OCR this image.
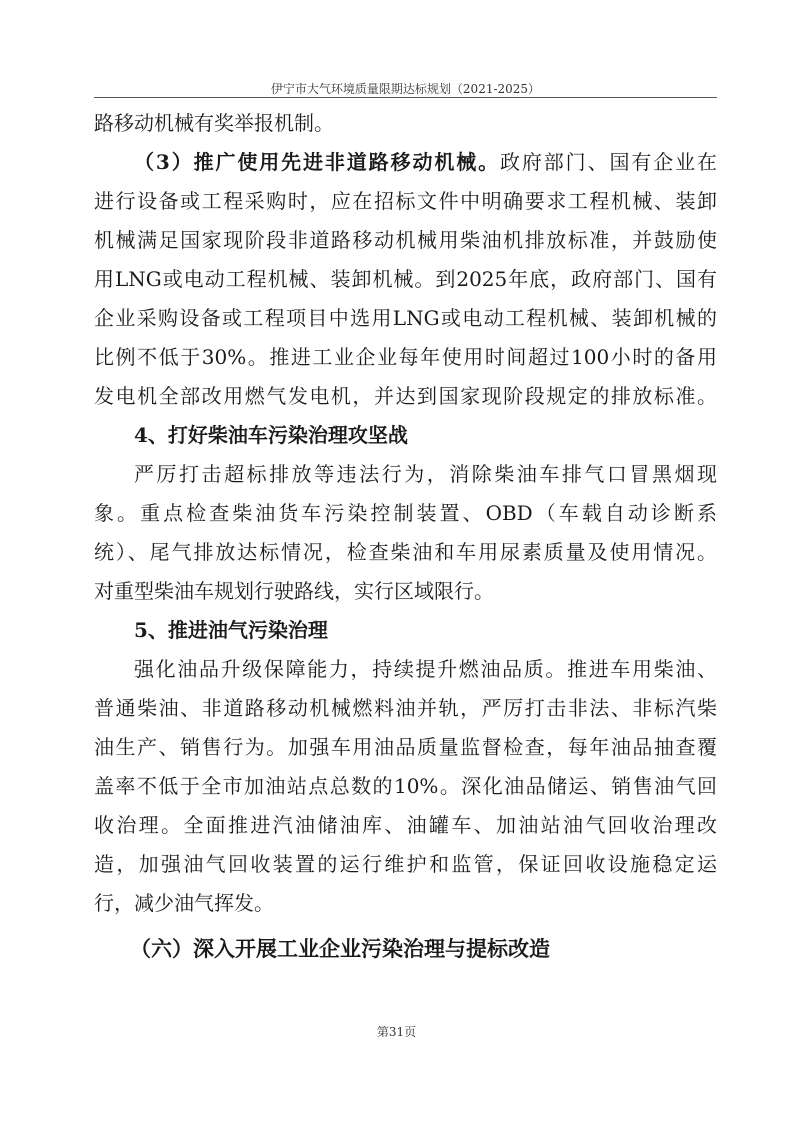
伊宁市大气环境质量限期达标规划（2021-2025）
路移动机械有奖举报机制。
（3）推广使用先进非道路移动机械。政府部门、国有企业在
进行设备或工程采购时，应在招标文件中明确要求工程机械、装卸
机械满足国家现阶段非道路移动机械用柴油机排放标准，并鼓励使
用LNG或电动工程机械、装卸机械。到2025年底，政府部门、国有
企业采购设备或工程项目中选用LNG或电动工程机械、装卸机械的
比例不低于30%。推进工业企业每年使用时间超过100小时的备用
发电机全部改用燃气发电机，并达到国家现阶段规定的排放标准。
4、打好柴油车污染治理攻坚战
严厉打击超标排放等违法行为，消除柴油车排气口冒黑烟现
象。重点检查柴油货车污染控制装置、OBD（车载自动诊断系
统）、尾气排放达标情况，检查柴油和车用尿素质量及使用情况。
对重型柴油车规划行驶路线，实行区域限行。
5、推进油气污染治理
强化油品升级保障能力，持续提升燃油品质。推进车用柴油、
普通柴油、非道路移动机械燃料油并轨，严厉打击非法、非标汽柴
油生产、销售行为。加强车用油品质量监督检查，每年油品抽查覆
盖率不低于全市加油站点总数的10%。深化油品储运、销售油气回
收治理。全面推进汽油储油库、油罐车、加油站油气回收治理改
造，加强油气回收装置的运行维护和监管，保证回收设施稳定运
行，减少油气挥发。
（六）深入开展工业企业污染治理与提标改造
第31页
